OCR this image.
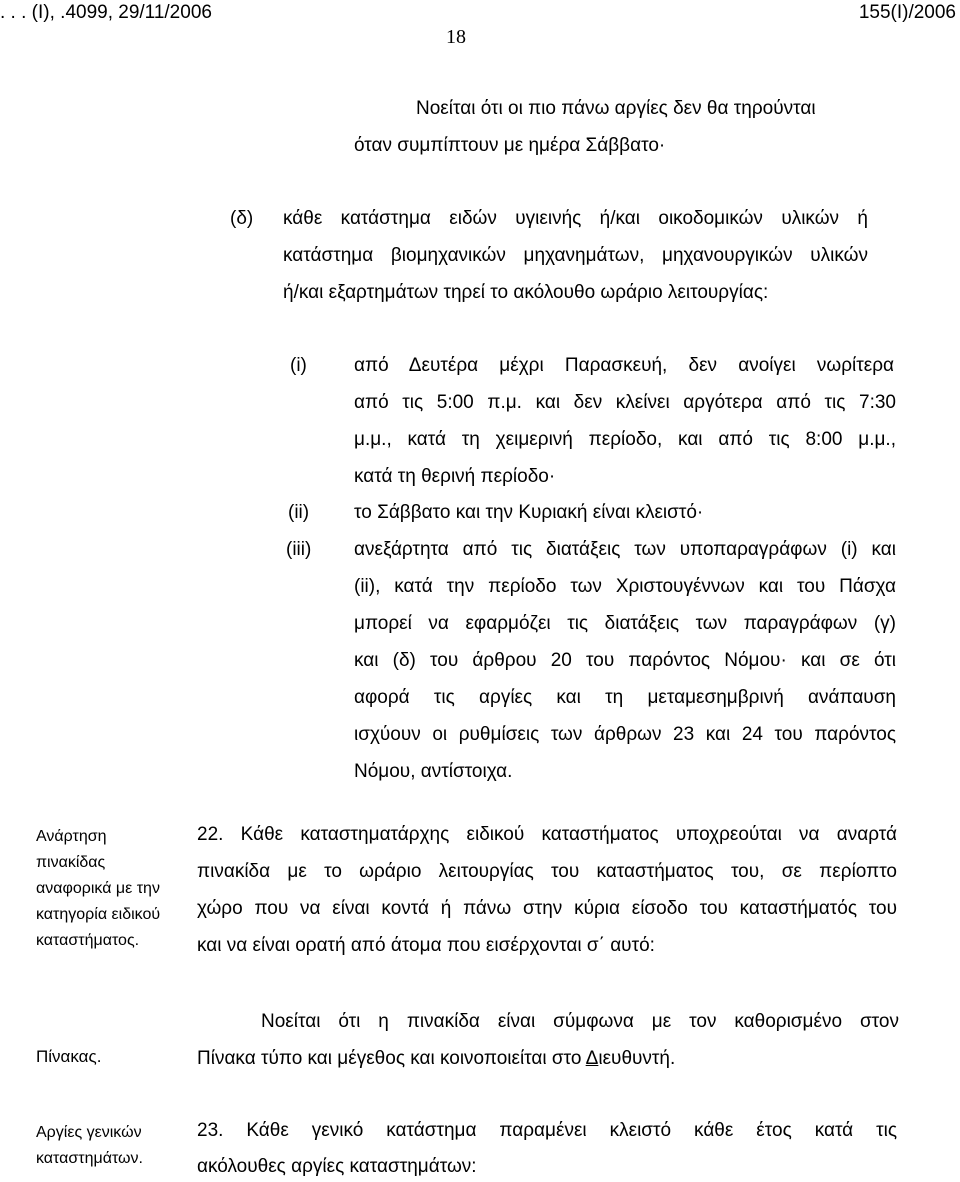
. . . (I), .4099, 29/11/2006	155(I)/2006
18
Νοείται ότι οι πιο πάνω αργίες δεν θα τηρούνται
όταν συμπίπτουν με ημέρα Σάββατο·
(δ) κάθε κατάστημα ειδών υγιεινής ή/και οικοδομικών υλικών ή
κατάστημα βιομηχανικών μηχανημάτων, μηχανουργικών υλικών
ή/και εξαρτημάτων τηρεί το ακόλουθο ωράριο λειτουργίας:
(i) από Δευτέρα μέχρι Παρασκευή, δεν ανοίγει νωρίτερα
από τις 5:00 π.μ. και δεν κλείνει αργότερα από τις 7:30
μ.μ., κατά τη χειμερινή περίοδο, και από τις 8:00 μ.μ.,
κατά τη θερινή περίοδο·
(ii) το Σάββατο και την Κυριακή είναι κλειστό·
(iii) ανεξάρτητα από τις διατάξεις των υποπαραγράφων (i) και
(ii), κατά την περίοδο των Χριστουγέννων και του Πάσχα
μπορεί να εφαρμόζει τις διατάξεις των παραγράφων (γ)
και (δ) του άρθρου 20 του παρόντος Νόμου· και σε ότι
αφορά τις αργίες και τη μεταμεσημβρινή ανάπαυση
ισχύουν οι ρυθμίσεις των άρθρων 23 και 24 του παρόντος
Νόμου, αντίστοιχα.
Ανάρτηση
πινακίδας
αναφορικά με την
κατηγορία ειδικού
καταστήματος.
22. Κάθε καταστηματάρχης ειδικού καταστήματος υποχρεούται να αναρτά
πινακίδα με το ωράριο λειτουργίας του καταστήματος του, σε περίοπτο
χώρο που να είναι κοντά ή πάνω στην κύρια είσοδο του καταστήματός του
και να είναι ορατή από άτομα που εισέρχονται σ΄ αυτό:
Πίνακας.
Νοείται ότι η πινακίδα είναι σύμφωνα με τον καθορισμένο στον
Πίνακα τύπο και μέγεθος και κοινοποιείται στο Διευθυντή.
Αργίες γενικών
καταστημάτων.
23. Κάθε γενικό κατάστημα παραμένει κλειστό κάθε έτος κατά τις
ακόλουθες αργίες καταστημάτων:
